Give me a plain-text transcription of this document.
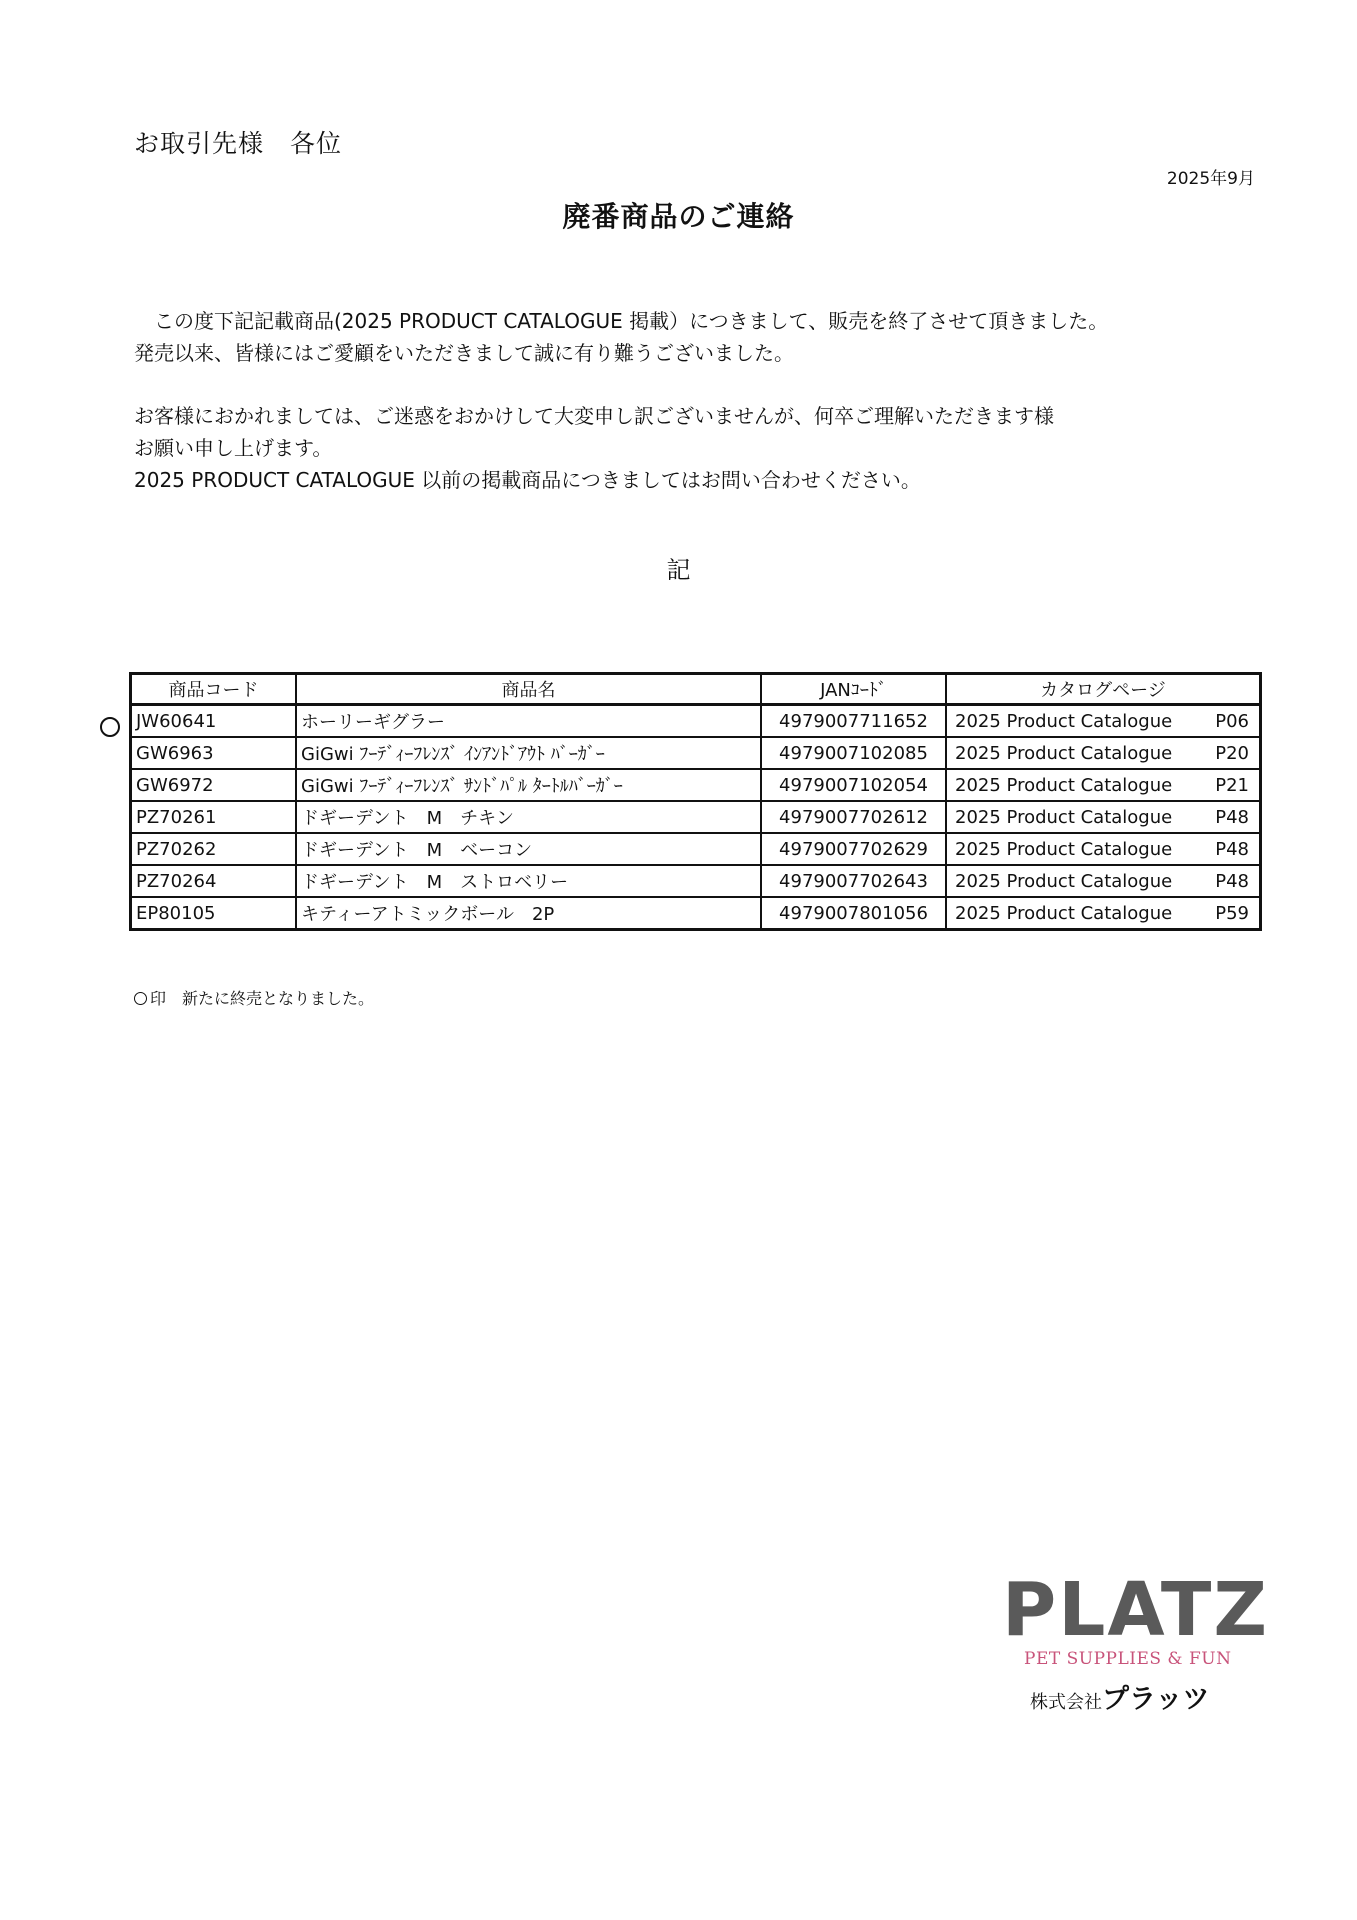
お取引先様　各位
2025年9月
廃番商品のご連絡
　この度下記記載商品(2025 PRODUCT CATALOGUE 掲載）につきまして、販売を終了させて頂きました。
発売以来、皆様にはご愛顧をいただきまして誠に有り難うございました。
お客様におかれましては、ご迷惑をおかけして大変申し訳ございませんが、何卒ご理解いただきます様
お願い申し上げます。
2025 PRODUCT CATALOGUE 以前の掲載商品につきましてはお問い合わせください。
記
商品コード	商品名	JANｺｰﾄﾞ	カタログページ
JW60641	ホーリーギグラー	4979007711652	2025 Product Catalogue P06

GW6963	GiGwi ﾌｰﾃﾞｨｰﾌﾚﾝｽﾞ ｲﾝｱﾝﾄﾞｱｳﾄ ﾊﾞｰｶﾞｰ	4979007102085	2025 Product Catalogue P20

GW6972	GiGwi ﾌｰﾃﾞｨｰﾌﾚﾝｽﾞ ｻﾝﾄﾞﾊﾟﾙ ﾀｰﾄﾙﾊﾞｰｶﾞｰ	4979007102054	2025 Product Catalogue P21

PZ70261	ドギーデント　M　チキン	4979007702612	2025 Product Catalogue P48

PZ70262	ドギーデント　M　ベーコン	4979007702629	2025 Product Catalogue P48

PZ70264	ドギーデント　M　ストロベリー	4979007702643	2025 Product Catalogue P48

EP80105	キティーアトミックボール　2P	4979007801056	2025 Product Catalogue P59
印　新たに終売となりました。
PLATZ
PET SUPPLIES & FUN
株式会社プラッツ
